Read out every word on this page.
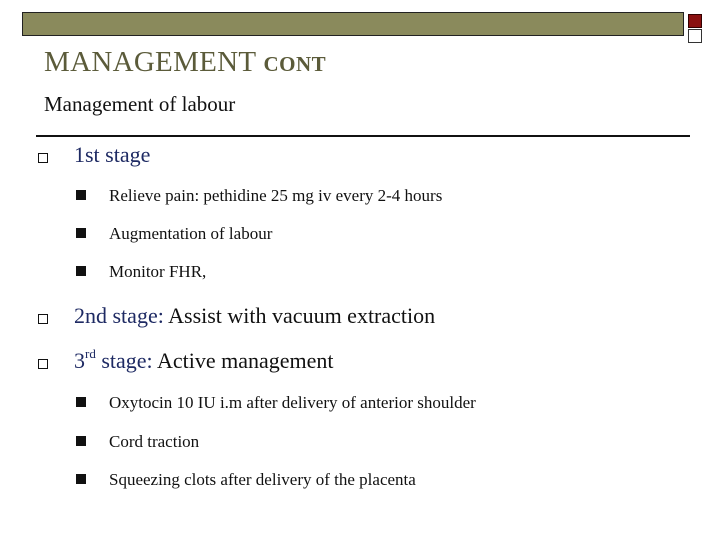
MANAGEMENT CONT
Management of labour
1st stage
Relieve pain: pethidine 25 mg iv every 2-4 hours
Augmentation of labour
Monitor FHR,
2nd stage: Assist with vacuum extraction
3rd stage: Active management
Oxytocin 10 IU i.m after delivery of anterior shoulder
Cord traction
Squeezing clots after delivery of the placenta
